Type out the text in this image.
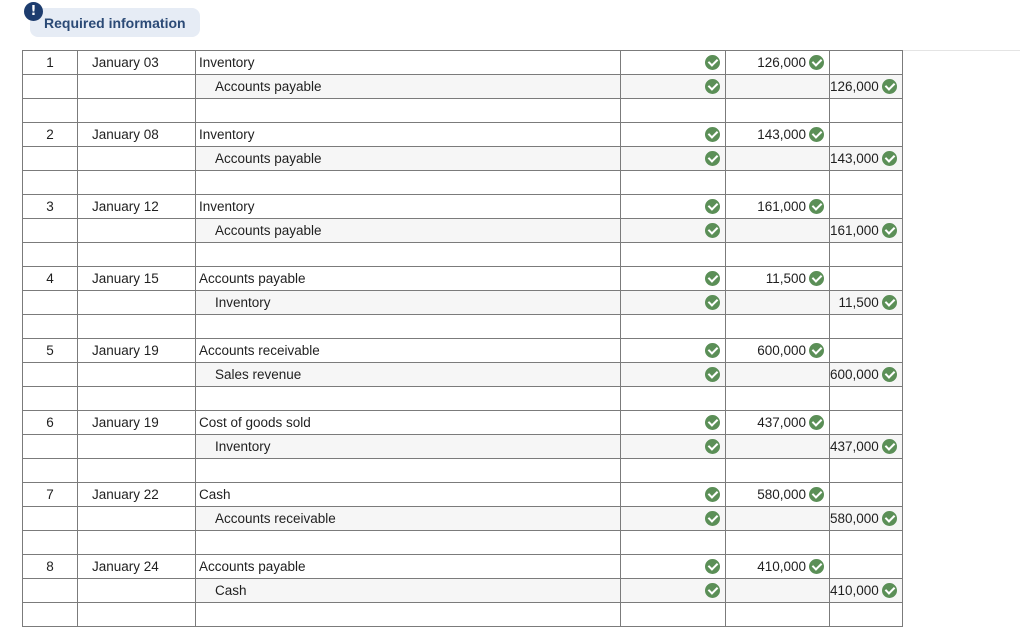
Required information
!
1	January 03	Inventory		126,000	
		Accounts payable			126,000

2	January 08	Inventory		143,000	
		Accounts payable			143,000

3	January 12	Inventory		161,000	
		Accounts payable			161,000

4	January 15	Accounts payable		11,500	
		Inventory			11,500

5	January 19	Accounts receivable		600,000	
		Sales revenue			600,000

6	January 19	Cost of goods sold		437,000	
		Inventory			437,000

7	January 22	Cash		580,000	
		Accounts receivable			580,000

8	January 24	Accounts payable		410,000	
		Cash			410,000
